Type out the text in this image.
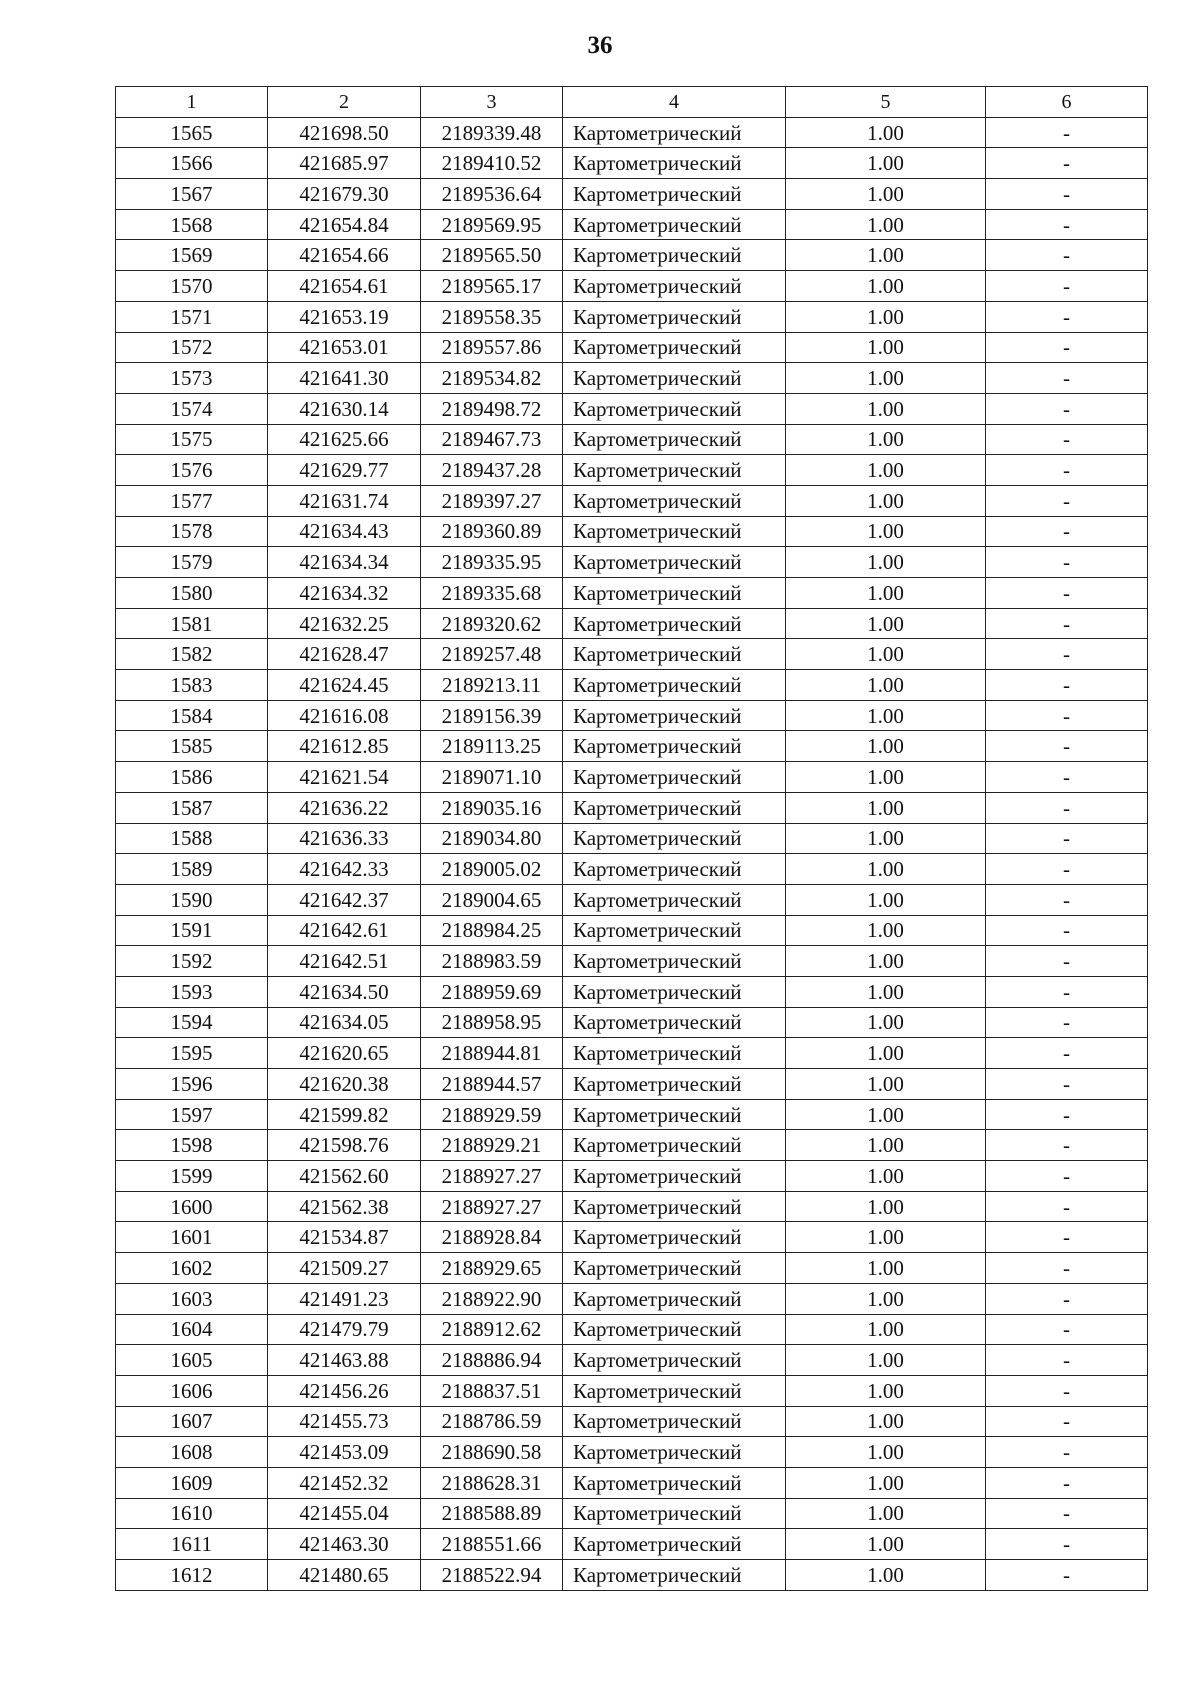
36
1	2	3	4	5	6
1565	421698.50	2189339.48	Картометрический	1.00	-
1566	421685.97	2189410.52	Картометрический	1.00	-
1567	421679.30	2189536.64	Картометрический	1.00	-
1568	421654.84	2189569.95	Картометрический	1.00	-
1569	421654.66	2189565.50	Картометрический	1.00	-
1570	421654.61	2189565.17	Картометрический	1.00	-
1571	421653.19	2189558.35	Картометрический	1.00	-
1572	421653.01	2189557.86	Картометрический	1.00	-
1573	421641.30	2189534.82	Картометрический	1.00	-
1574	421630.14	2189498.72	Картометрический	1.00	-
1575	421625.66	2189467.73	Картометрический	1.00	-
1576	421629.77	2189437.28	Картометрический	1.00	-
1577	421631.74	2189397.27	Картометрический	1.00	-
1578	421634.43	2189360.89	Картометрический	1.00	-
1579	421634.34	2189335.95	Картометрический	1.00	-
1580	421634.32	2189335.68	Картометрический	1.00	-
1581	421632.25	2189320.62	Картометрический	1.00	-
1582	421628.47	2189257.48	Картометрический	1.00	-
1583	421624.45	2189213.11	Картометрический	1.00	-
1584	421616.08	2189156.39	Картометрический	1.00	-
1585	421612.85	2189113.25	Картометрический	1.00	-
1586	421621.54	2189071.10	Картометрический	1.00	-
1587	421636.22	2189035.16	Картометрический	1.00	-
1588	421636.33	2189034.80	Картометрический	1.00	-
1589	421642.33	2189005.02	Картометрический	1.00	-
1590	421642.37	2189004.65	Картометрический	1.00	-
1591	421642.61	2188984.25	Картометрический	1.00	-
1592	421642.51	2188983.59	Картометрический	1.00	-
1593	421634.50	2188959.69	Картометрический	1.00	-
1594	421634.05	2188958.95	Картометрический	1.00	-
1595	421620.65	2188944.81	Картометрический	1.00	-
1596	421620.38	2188944.57	Картометрический	1.00	-
1597	421599.82	2188929.59	Картометрический	1.00	-
1598	421598.76	2188929.21	Картометрический	1.00	-
1599	421562.60	2188927.27	Картометрический	1.00	-
1600	421562.38	2188927.27	Картометрический	1.00	-
1601	421534.87	2188928.84	Картометрический	1.00	-
1602	421509.27	2188929.65	Картометрический	1.00	-
1603	421491.23	2188922.90	Картометрический	1.00	-
1604	421479.79	2188912.62	Картометрический	1.00	-
1605	421463.88	2188886.94	Картометрический	1.00	-
1606	421456.26	2188837.51	Картометрический	1.00	-
1607	421455.73	2188786.59	Картометрический	1.00	-
1608	421453.09	2188690.58	Картометрический	1.00	-
1609	421452.32	2188628.31	Картометрический	1.00	-
1610	421455.04	2188588.89	Картометрический	1.00	-
1611	421463.30	2188551.66	Картометрический	1.00	-
1612	421480.65	2188522.94	Картометрический	1.00	-
